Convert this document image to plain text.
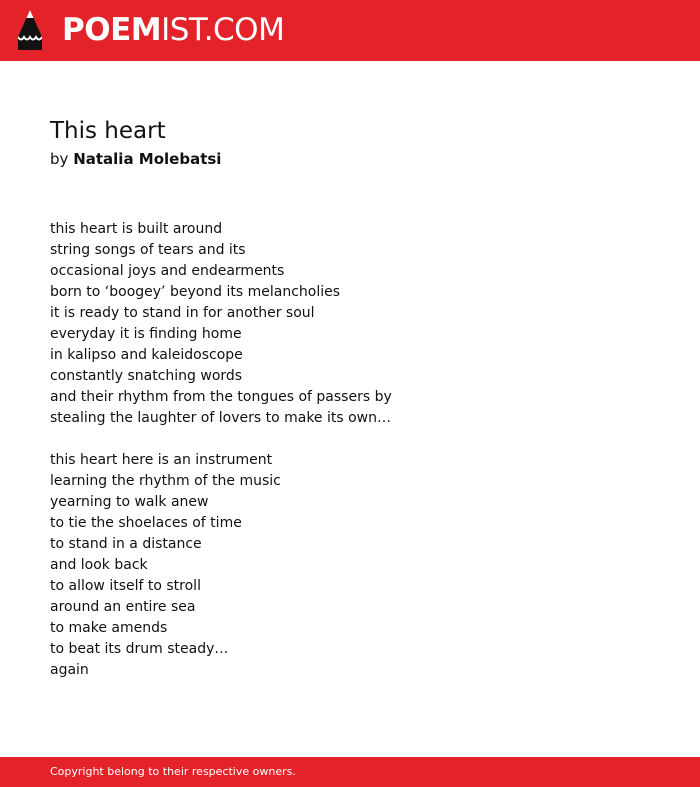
POEMIST.COM
This heart
by Natalia Molebatsi
this heart is built around
string songs of tears and its
occasional joys and endearments
born to ‘boogey’ beyond its melancholies
it is ready to stand in for another soul
everyday it is finding home
in kalipso and kaleidoscope
constantly snatching words
and their rhythm from the tongues of passers by
stealing the laughter of lovers to make its own…
this heart here is an instrument
learning the rhythm of the music
yearning to walk anew
to tie the shoelaces of time
to stand in a distance
and look back
to allow itself to stroll
around an entire sea
to make amends
to beat its drum steady…
again
Copyright belong to their respective owners.
